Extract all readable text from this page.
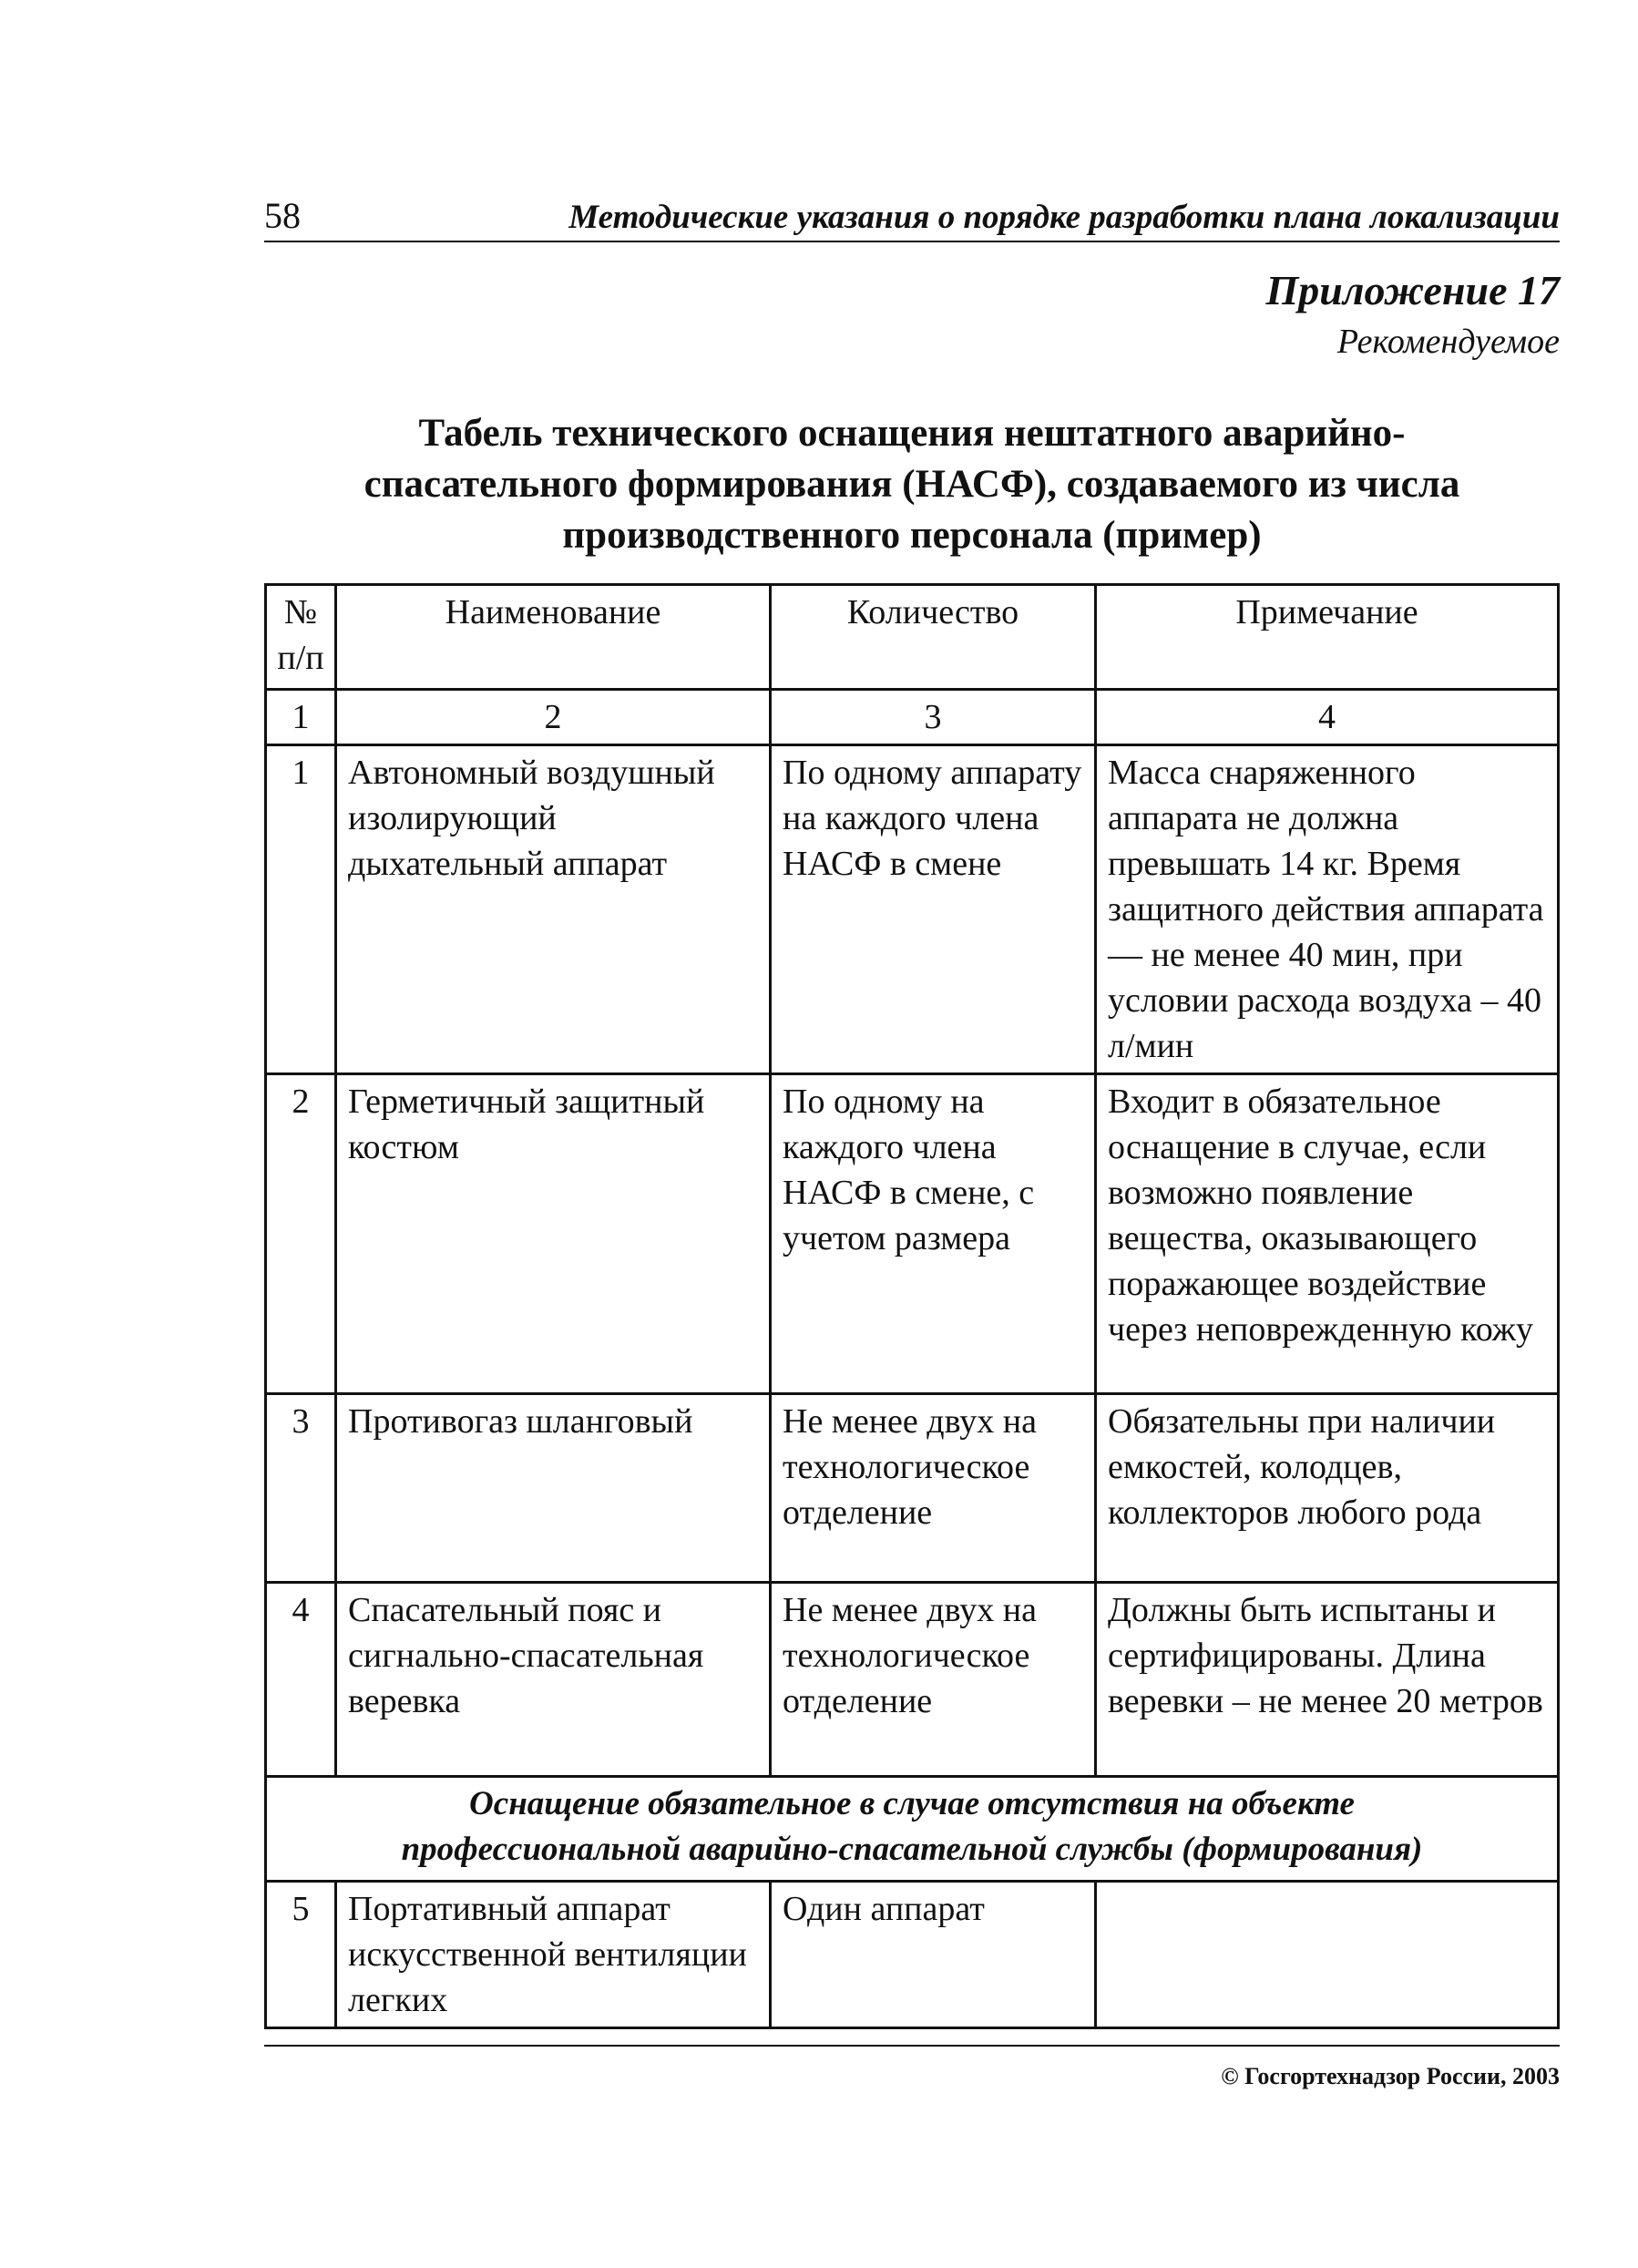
58	Методические указания о порядке разработки плана локализации
Приложение 17
Рекомендуемое
Табель технического оснащения нештатного аварийно-
спасательного формирования (НАСФ), создаваемого из числа
производственного персонала (пример)
№ п/п	Наименование	Количество	Примечание
1	2	3	4
1	Автономный воздушный изолирующий дыхательный аппарат	По одному аппарату на каждого члена НАСФ в смене	Масса снаряженного аппарата не должна превышать 14 кг. Время защитного действия аппарата — не менее 40 мин, при условии расхода воздуха – 40 л/мин
2	Герметичный защитный костюм	По одному на каждого члена НАСФ в смене, с учетом размера	Входит в обязательное оснащение в случае, если возможно появление вещества, оказывающего поражающее воздействие через неповрежденную кожу
3	Противогаз шланговый	Не менее двух на технологическое отделение	Обязательны при наличии емкостей, колодцев, коллекторов любого рода
4	Спасательный пояс и сигнально-спасательная веревка	Не менее двух на технологическое отделение	Должны быть испытаны и сертифицированы. Длина веревки – не менее 20 метров

Оснащение обязательное в случае отсутствия на объекте
профессиональной аварийно-спасательной службы (формирования)			

5	Портативный аппарат искусственной вентиляции легких	Один аппарат	
© Госгортехнадзор России, 2003
